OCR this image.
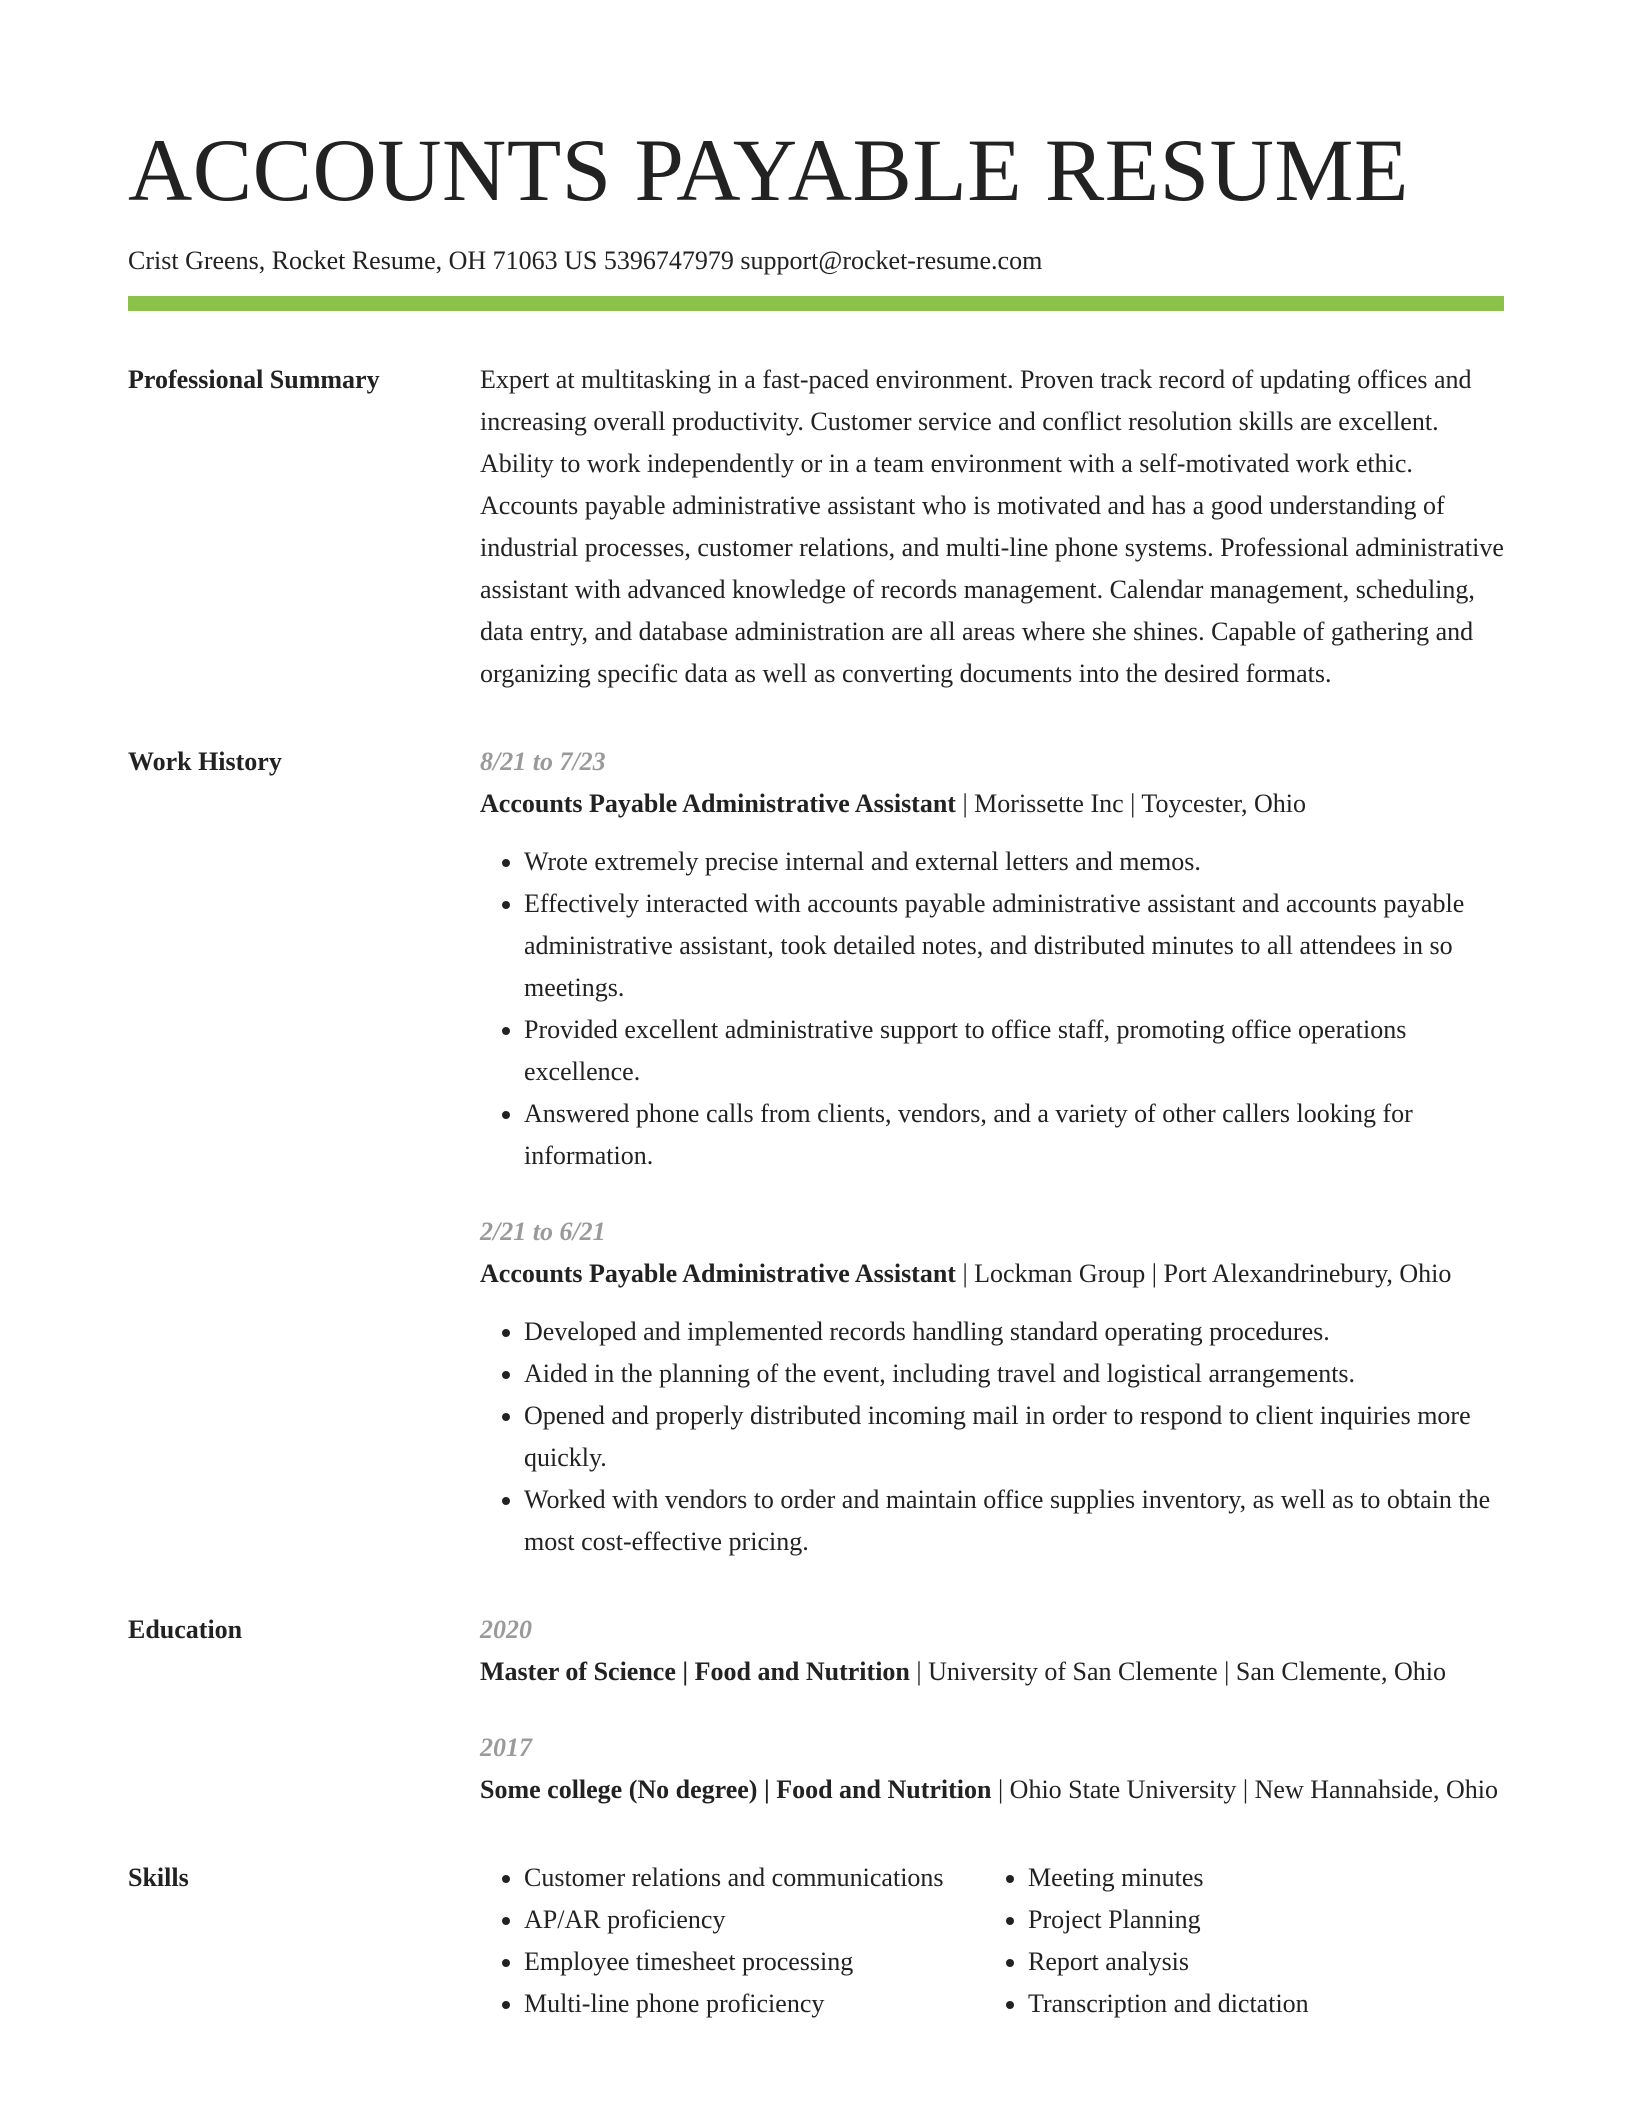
ACCOUNTS PAYABLE RESUME
Crist Greens, Rocket Resume, OH 71063 US 5396747979 support@rocket-resume.com
Professional Summary	Expert at multitasking in a fast-paced environment. Proven track record of updating offices and increasing overall productivity. Customer service and conflict resolution skills are excellent. Ability to work independently or in a team environment with a self-motivated work ethic. Accounts payable administrative assistant who is motivated and has a good understanding of industrial processes, customer relations, and multi-line phone systems. Professional administrative assistant with advanced knowledge of records management. Calendar management, scheduling, data entry, and database administration are all areas where she shines. Capable of gathering and organizing specific data as well as converting documents into the desired formats.

Work History	8/21 to 7/23
Accounts Payable Administrative Assistant | Morissette Inc | Toycester, Ohio
• Wrote extremely precise internal and external letters and memos.
• Effectively interacted with accounts payable administrative assistant and accounts payable administrative assistant, took detailed notes, and distributed minutes to all attendees in so meetings.
• Provided excellent administrative support to office staff, promoting office operations excellence.
• Answered phone calls from clients, vendors, and a variety of other callers looking for information.
2/21 to 6/21
Accounts Payable Administrative Assistant | Lockman Group | Port Alexandrinebury, Ohio
• Developed and implemented records handling standard operating procedures.
• Aided in the planning of the event, including travel and logistical arrangements.
• Opened and properly distributed incoming mail in order to respond to client inquiries more quickly.
• Worked with vendors to order and maintain office supplies inventory, as well as to obtain the most cost-effective pricing.
Education	2020
Master of Science | Food and Nutrition | University of San Clemente | San Clemente, Ohio
2017
Some college (No degree) | Food and Nutrition | Ohio State University | New Hannahside, Ohio
Skills
•	Customer relations and communications
• AP/AR proficiency
• Employee timesheet processing
• Multi-line phone proficiency
• Meeting minutes
• Project Planning
• Report analysis
• Transcription and dictation
